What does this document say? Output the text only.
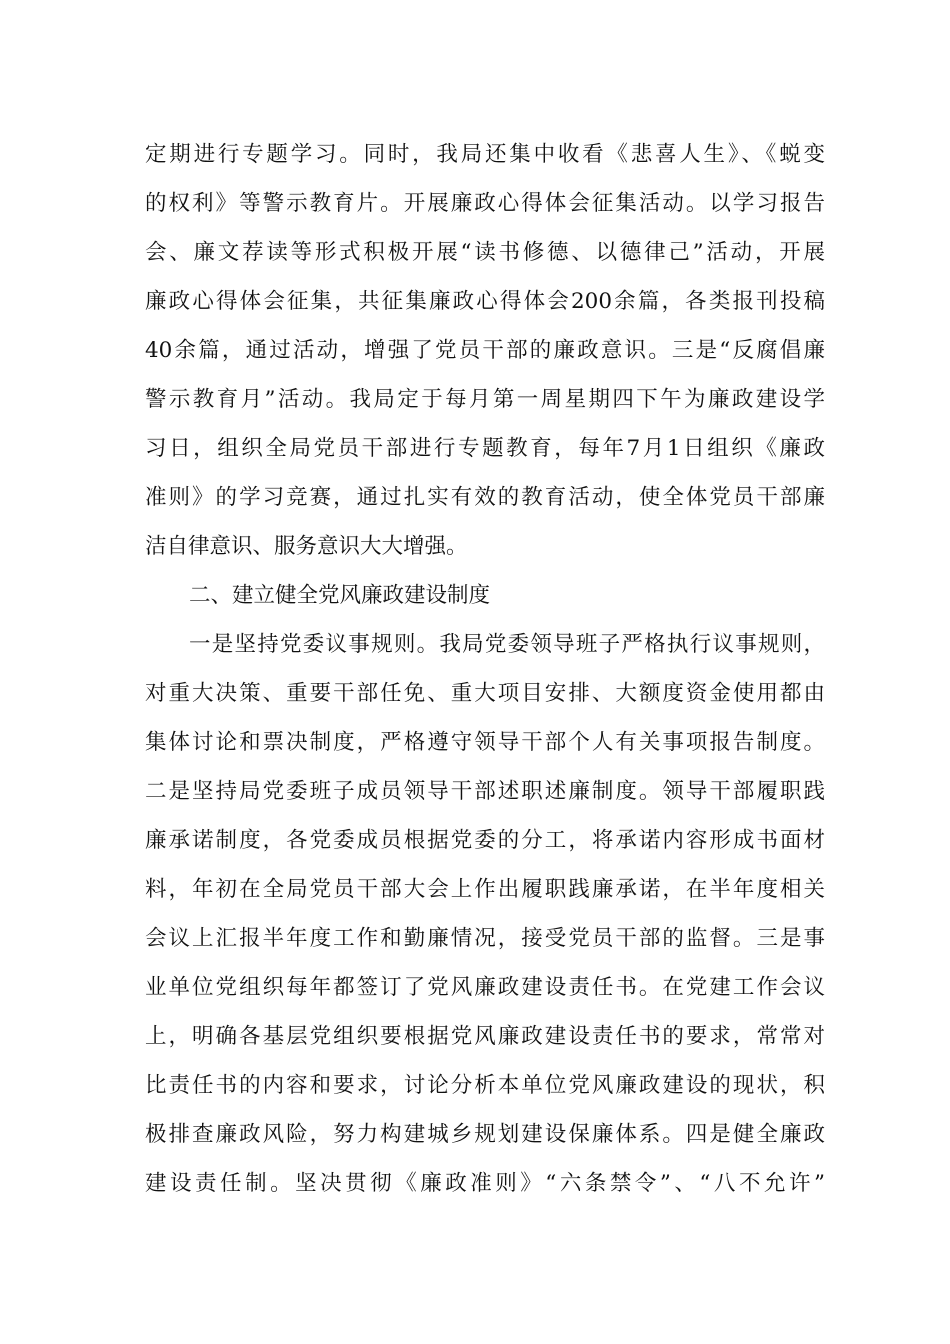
定期进行专题学习。同时，我局还集中收看《悲喜人生》、《蜕变
的权利》等警示教育片。开展廉政心得体会征集活动。以学习报告
会、廉文荐读等形式积极开展“读书修德、以德律己”活动，开展
廉政心得体会征集，共征集廉政心得体会200余篇，各类报刊投稿
40余篇，通过活动，增强了党员干部的廉政意识。三是“反腐倡廉
警示教育月”活动。我局定于每月第一周星期四下午为廉政建设学
习日，组织全局党员干部进行专题教育，每年7月1日组织《廉政
准则》的学习竞赛，通过扎实有效的教育活动，使全体党员干部廉
洁自律意识、服务意识大大增强。
二、建立健全党风廉政建设制度
一是坚持党委议事规则。我局党委领导班子严格执行议事规则，
对重大决策、重要干部任免、重大项目安排、大额度资金使用都由
集体讨论和票决制度，严格遵守领导干部个人有关事项报告制度。
二是坚持局党委班子成员领导干部述职述廉制度。领导干部履职践
廉承诺制度，各党委成员根据党委的分工，将承诺内容形成书面材
料，年初在全局党员干部大会上作出履职践廉承诺，在半年度相关
会议上汇报半年度工作和勤廉情况，接受党员干部的监督。三是事
业单位党组织每年都签订了党风廉政建设责任书。在党建工作会议
上，明确各基层党组织要根据党风廉政建设责任书的要求，常常对
比责任书的内容和要求，讨论分析本单位党风廉政建设的现状，积
极排查廉政风险，努力构建城乡规划建设保廉体系。四是健全廉政
建设责任制。坚决贯彻《廉政准则》“六条禁令”、“八不允许”
